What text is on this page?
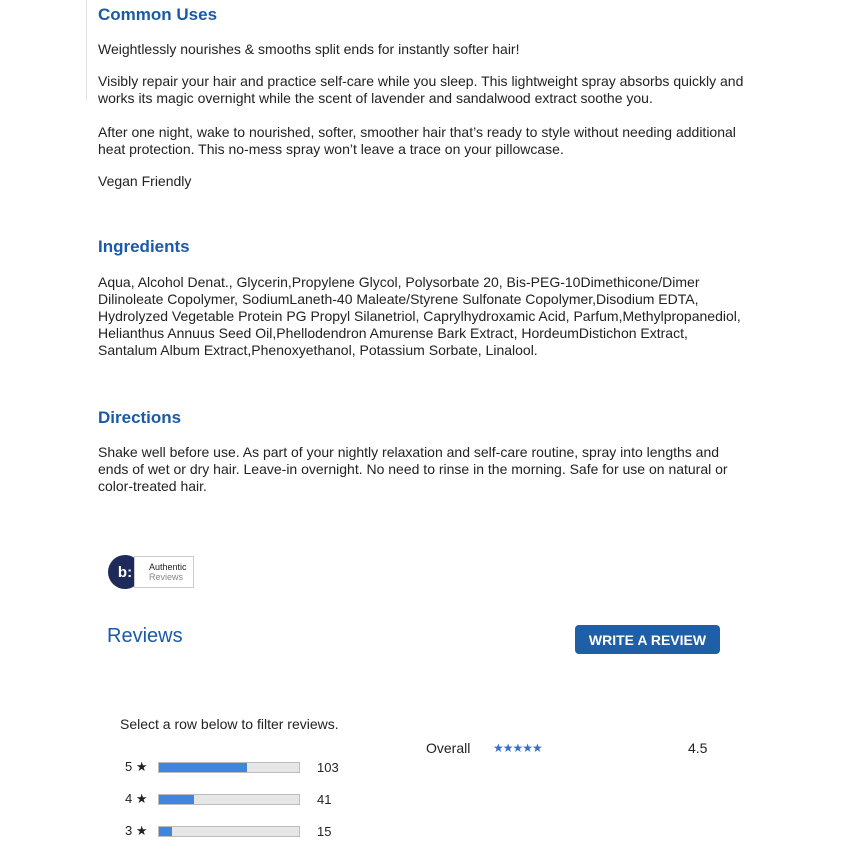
Common Uses

Weightlessly nourishes & smooths split ends for instantly softer hair!

Visibly repair your hair and practice self-care while you sleep. This lightweight spray absorbs quickly and works its magic overnight while the scent of lavender and sandalwood extract soothe you.

After one night, wake to nourished, softer, smoother hair that’s ready to style without needing additional heat protection. This no-mess spray won’t leave a trace on your pillowcase.

Vegan Friendly

Ingredients

Aqua, Alcohol Denat., Glycerin,Propylene Glycol, Polysorbate 20, Bis-PEG-10Dimethicone/Dimer Dilinoleate Copolymer, SodiumLaneth-40 Maleate/Styrene Sulfonate Copolymer,Disodium EDTA, Hydrolyzed Vegetable Protein PG Propyl Silanetriol, Caprylhydroxamic Acid, Parfum,Methylpropanediol, Helianthus Annuus Seed Oil,Phellodendron Amurense Bark Extract, HordeumDistichon Extract, Santalum Album Extract,Phenoxyethanol, Potassium Sorbate, Linalool.

Directions

Shake well before use. As part of your nightly relaxation and self-care routine, spray into lengths and ends of wet or dry hair. Leave-in overnight. No need to rinse in the morning. Safe for use on natural or color-treated hair.

b:	Authentic
Reviews
Reviews	WRITE A REVIEW
Select a row below to filter reviews.
5 ★	103
4 ★	41
3 ★	15
Overall ★★★★★	4.5
